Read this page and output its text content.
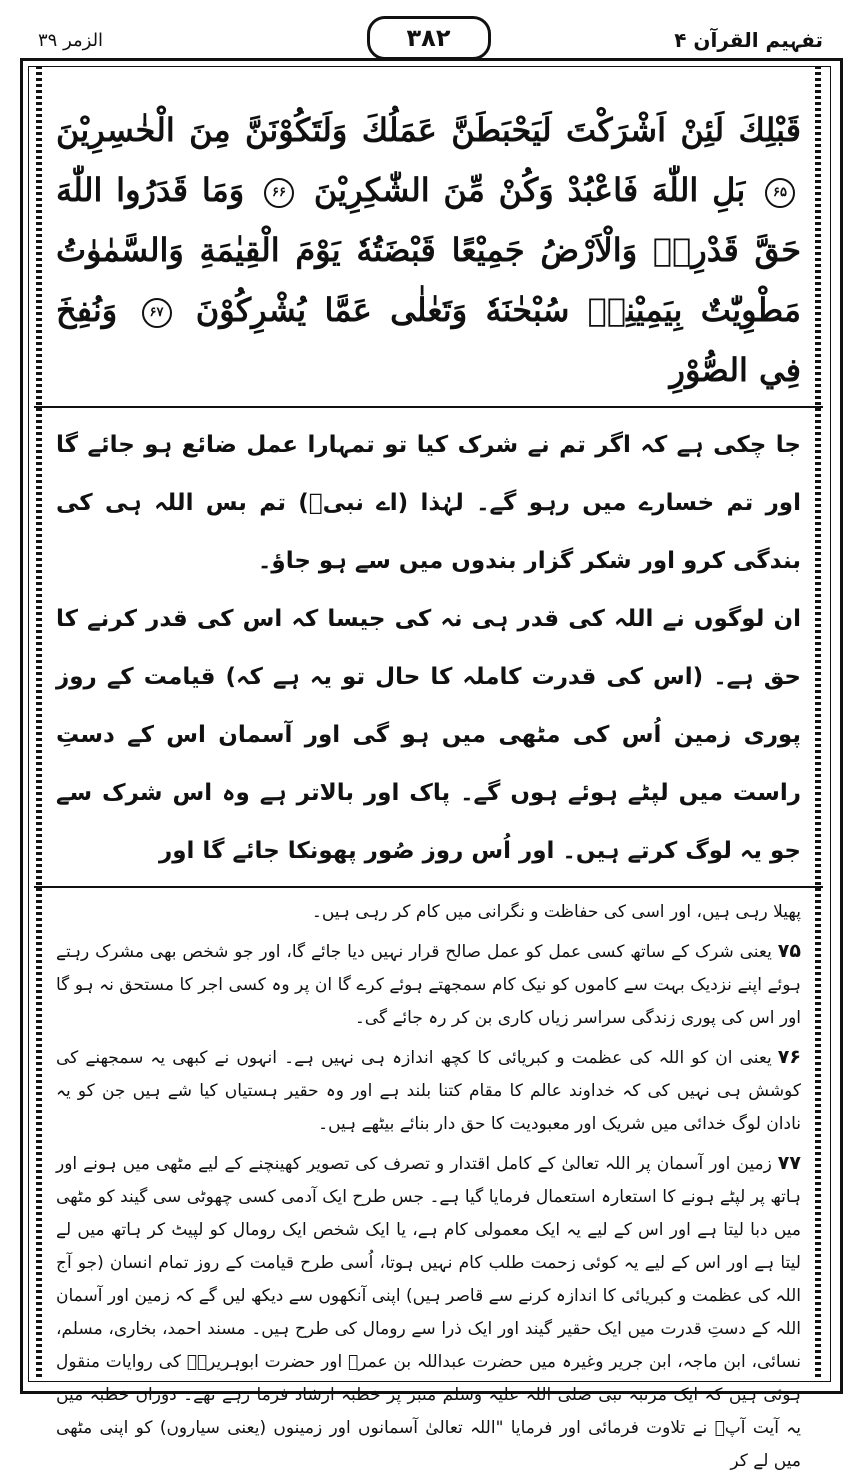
الزمر ۳۹	۳۸۲	تفہیم القرآن ۴

قَبْلِكَ لَئِنْ اَشْرَكْتَ لَيَحْبَطَنَّ عَمَلُكَ وَلَتَكُوْنَنَّ مِنَ الْخٰسِرِيْنَ ۶۵ بَلِ اللّٰهَ فَاعْبُدْ وَكُنْ مِّنَ الشّٰكِرِيْنَ ۶۶ وَمَا قَدَرُوا اللّٰهَ حَقَّ قَدْرِهٖ وَالْاَرْضُ جَمِيْعًا قَبْضَتُهٗ يَوْمَ الْقِيٰمَةِ وَالسَّمٰوٰتُ مَطْوِيّٰتٌ بِيَمِيْنِهٖ سُبْحٰنَهٗ وَتَعٰلٰى عَمَّا يُشْرِكُوْنَ ۶۷ وَنُفِخَ فِي الصُّوْرِ

جا چکی ہے کہ اگر تم نے شرک کیا تو تمہارا عمل ضائع ہو جائے گا اور تم خسارے میں رہو گے۔ لہٰذا (اے نبیؐ) تم بس اللہ ہی کی بندگی کرو اور شکر گزار بندوں میں سے ہو جاؤ۔

ان لوگوں نے اللہ کی قدر ہی نہ کی جیسا کہ اس کی قدر کرنے کا حق ہے۔ (اس کی قدرت کاملہ کا حال تو یہ ہے کہ) قیامت کے روز پوری زمین اُس کی مٹھی میں ہو گی اور آسمان اس کے دستِ راست میں لپٹے ہوئے ہوں گے۔ پاک اور بالاتر ہے وہ اس شرک سے جو یہ لوگ کرتے ہیں۔ اور اُس روز صُور پھونکا جائے گا اور

پھیلا رہی ہیں، اور اسی کی حفاظت و نگرانی میں کام کر رہی ہیں۔

۷۵یعنی شرک کے ساتھ کسی عمل کو عمل صالح قرار نہیں دیا جائے گا، اور جو شخص بھی مشرک رہتے ہوئے اپنے نزدیک بہت سے کاموں کو نیک کام سمجھتے ہوئے کرے گا ان پر وہ کسی اجر کا مستحق نہ ہو گا اور اس کی پوری زندگی سراسر زیاں کاری بن کر رہ جائے گی۔

۷۶یعنی ان کو اللہ کی عظمت و کبریائی کا کچھ اندازہ ہی نہیں ہے۔ انہوں نے کبھی یہ سمجھنے کی کوشش ہی نہیں کی کہ خداوند عالم کا مقام کتنا بلند ہے اور وہ حقیر ہستیاں کیا شے ہیں جن کو یہ نادان لوگ خدائی میں شریک اور معبودیت کا حق دار بنائے بیٹھے ہیں۔

۷۷زمین اور آسمان پر اللہ تعالیٰ کے کامل اقتدار و تصرف کی تصویر کھینچنے کے لیے مٹھی میں ہونے اور ہاتھ پر لپٹے ہونے کا استعارہ استعمال فرمایا گیا ہے۔ جس طرح ایک آدمی کسی چھوٹی سی گیند کو مٹھی میں دبا لیتا ہے اور اس کے لیے یہ ایک معمولی کام ہے، یا ایک شخص ایک رومال کو لپیٹ کر ہاتھ میں لے لیتا ہے اور اس کے لیے یہ کوئی زحمت طلب کام نہیں ہوتا، اُسی طرح قیامت کے روز تمام انسان (جو آج اللہ کی عظمت و کبریائی کا اندازہ کرنے سے قاصر ہیں) اپنی آنکھوں سے دیکھ لیں گے کہ زمین اور آسمان اللہ کے دستِ قدرت میں ایک حقیر گیند اور ایک ذرا سے رومال کی طرح ہیں۔ مسند احمد، بخاری، مسلم، نسائی، ابن ماجہ، ابن جریر وغیرہ میں حضرت عبداللہ بن عمرؓ اور حضرت ابوہریرہؓ کی روایات منقول ہوئی ہیں کہ ایک مرتبہ نبی صلی اللہ علیہ وسلم منبر پر خطبہ ارشاد فرما رہے تھے۔ دوران خطبہ میں یہ آیت آپؐ نے تلاوت فرمائی اور فرمایا "اللہ تعالیٰ آسمانوں اور زمینوں (یعنی سیاروں) کو اپنی مٹھی میں لے کر
